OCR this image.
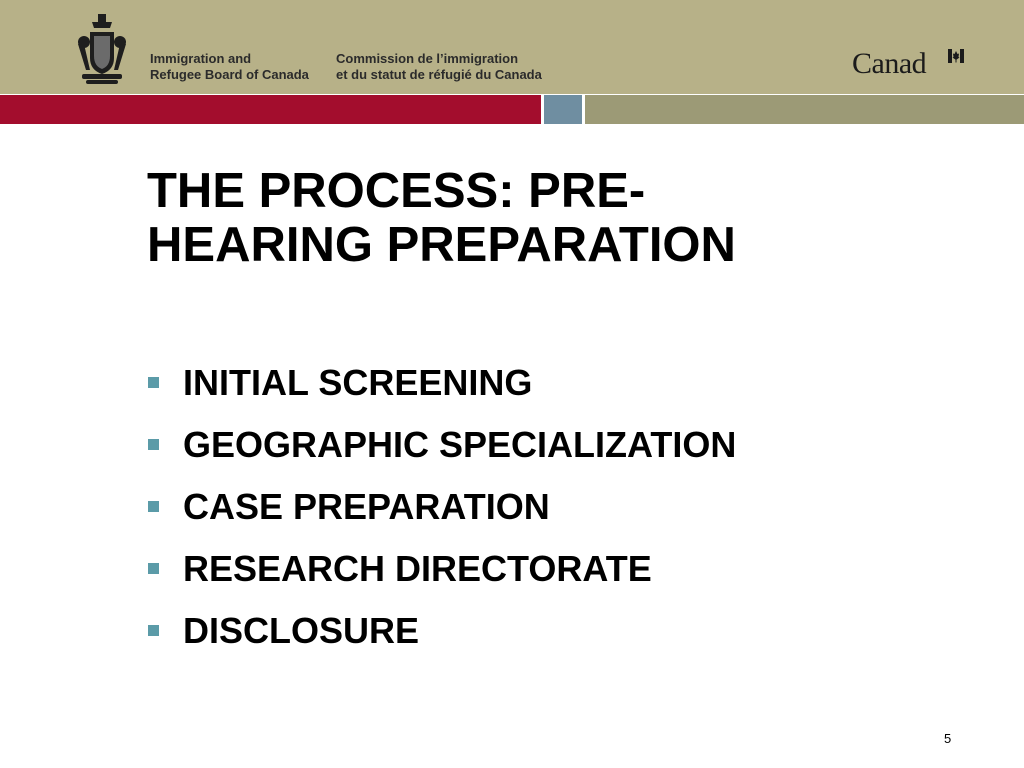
Immigration and
Refugee Board of Canada
Commission de l’immigration
et du statut de réfugié du Canada	Canad
THE PROCESS: PRE-
HEARING PREPARATION
INITIAL SCREENING
GEOGRAPHIC SPECIALIZATION
CASE PREPARATION
RESEARCH DIRECTORATE
DISCLOSURE
5
